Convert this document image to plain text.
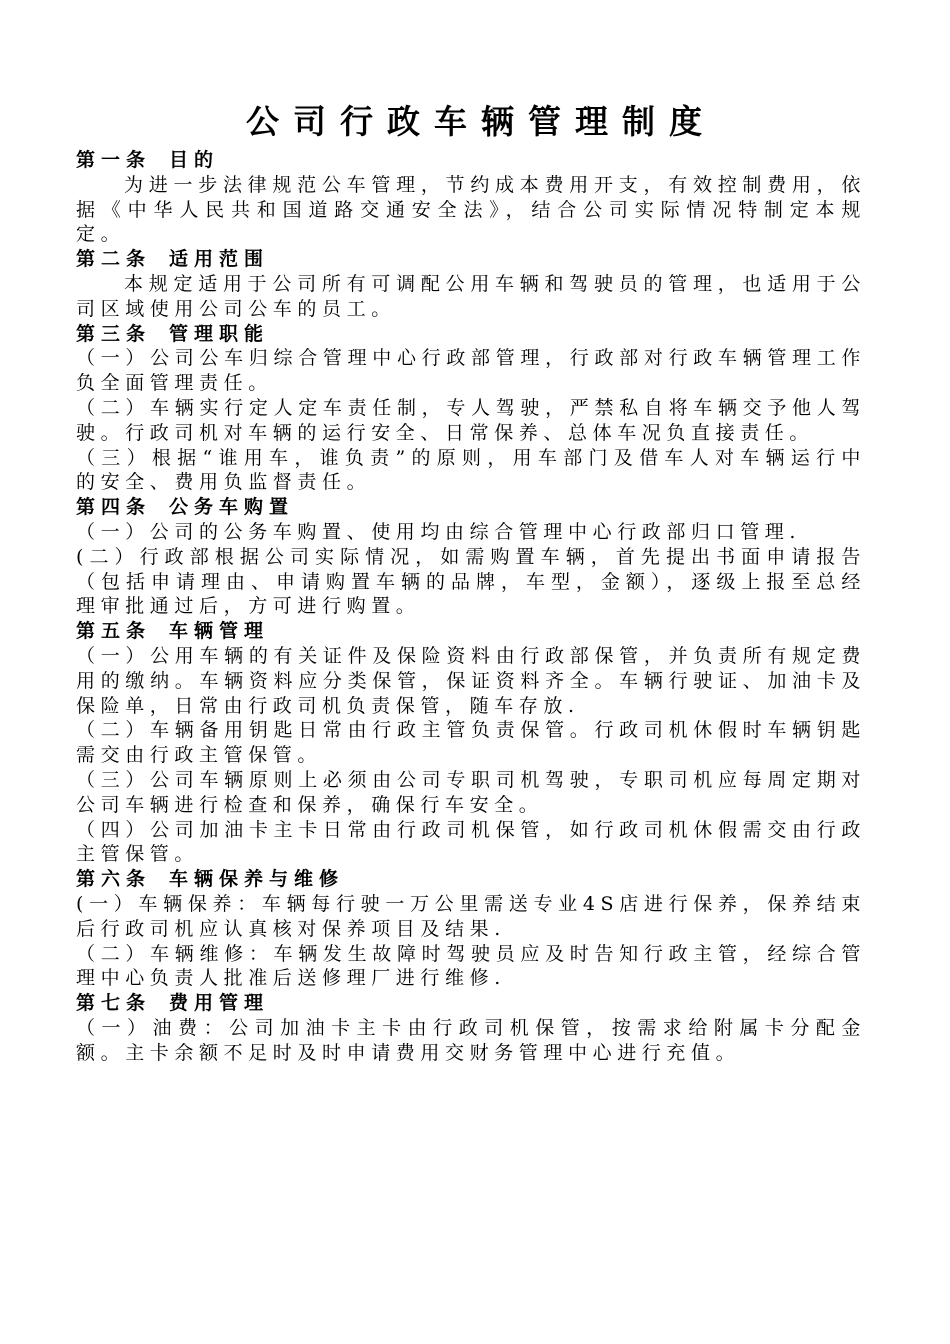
公司行政车辆管理制度
第一条 目的

为进一步法律规范公车管理，节约成本费用开支，有效控制费用，依据《中华人民共和国道路交通安全法》，结合公司实际情况特制定本规定。

第二条 适用范围

本规定适用于公司所有可调配公用车辆和驾驶员的管理，也适用于公司区域使用公司公车的员工。

第三条 管理职能

（一）公司公车归综合管理中心行政部管理，行政部对行政车辆管理工作负全面管理责任。

（二）车辆实行定人定车责任制，专人驾驶，严禁私自将车辆交予他人驾驶。行政司机对车辆的运行安全、日常保养、总体车况负直接责任。

（三）根据“谁用车，谁负责”的原则，用车部门及借车人对车辆运行中的安全、费用负监督责任。

第四条 公务车购置

（一）公司的公务车购置、使用均由综合管理中心行政部归口管理.

(二）行政部根据公司实际情况，如需购置车辆，首先提出书面申请报告（包括申请理由、申请购置车辆的品牌，车型，金额），逐级上报至总经理审批通过后，方可进行购置。

第五条 车辆管理

（一）公用车辆的有关证件及保险资料由行政部保管，并负责所有规定费用的缴纳。车辆资料应分类保管，保证资料齐全。车辆行驶证、加油卡及保险单，日常由行政司机负责保管，随车存放.

（二）车辆备用钥匙日常由行政主管负责保管。行政司机休假时车辆钥匙需交由行政主管保管。

（三）公司车辆原则上必须由公司专职司机驾驶，专职司机应每周定期对公司车辆进行检查和保养，确保行车安全。

（四）公司加油卡主卡日常由行政司机保管，如行政司机休假需交由行政主管保管。

第六条 车辆保养与维修

(一）车辆保养：车辆每行驶一万公里需送专业4S店进行保养，保养结束后行政司机应认真核对保养项目及结果.

（二）车辆维修：车辆发生故障时驾驶员应及时告知行政主管，经综合管理中心负责人批准后送修理厂进行维修.

第七条 费用管理

（一）油费：公司加油卡主卡由行政司机保管，按需求给附属卡分配金额。主卡余额不足时及时申请费用交财务管理中心进行充值。
